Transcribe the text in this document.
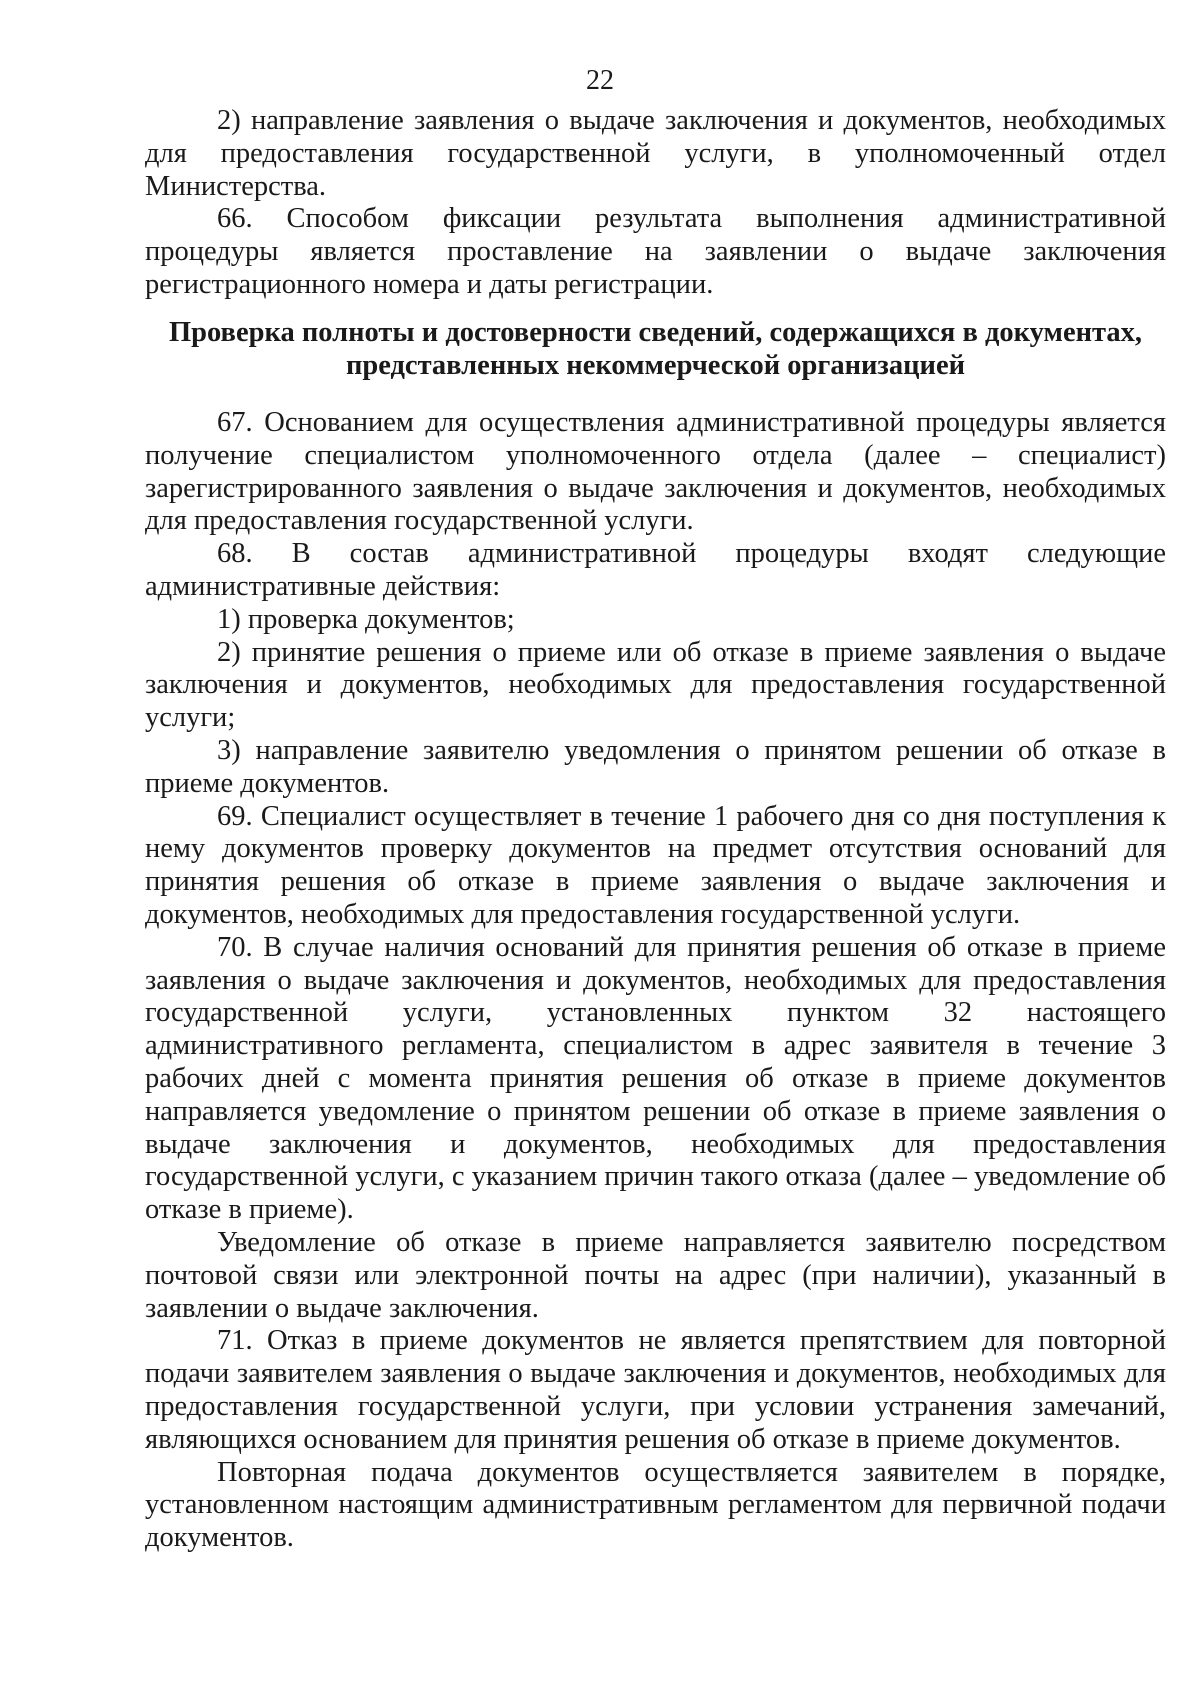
22

2) направление заявления о выдаче заключения и документов, необходимых для предоставления государственной услуги, в уполномоченный отдел Министерства.

66. Способом фиксации результата выполнения административной процедуры является проставление на заявлении о выдаче заключения регистрационного номера и даты регистрации.

Проверка полноты и достоверности сведений, содержащихся в документах,

представленных некоммерческой организацией

67. Основанием для осуществления административной процедуры является получение специалистом уполномоченного отдела (далее – специалист) зарегистрированного заявления о выдаче заключения и документов, необходимых для предоставления государственной услуги.

68. В состав административной процедуры входят следующие административные действия:

1) проверка документов;

2) принятие решения о приеме или об отказе в приеме заявления о выдаче заключения и документов, необходимых для предоставления государственной услуги;

3) направление заявителю уведомления о принятом решении об отказе в приеме документов.

69. Специалист осуществляет в течение 1 рабочего дня со дня поступления к нему документов проверку документов на предмет отсутствия оснований для принятия решения об отказе в приеме заявления о выдаче заключения и документов, необходимых для предоставления государственной услуги.

70. В случае наличия оснований для принятия решения об отказе в приеме заявления о выдаче заключения и документов, необходимых для предоставления государственной услуги, установленных пунктом 32 настоящего административного регламента, специалистом в адрес заявителя в течение 3 рабочих дней с момента принятия решения об отказе в приеме документов направляется уведомление о принятом решении об отказе в приеме заявления о выдаче заключения и документов, необходимых для предоставления государственной услуги, с указанием причин такого отказа (далее – уведомление об отказе в приеме).

Уведомление об отказе в приеме направляется заявителю посредством почтовой связи или электронной почты на адрес (при наличии), указанный в заявлении о выдаче заключения.

71. Отказ в приеме документов не является препятствием для повторной подачи заявителем заявления о выдаче заключения и документов, необходимых для предоставления государственной услуги, при условии устранения замечаний, являющихся основанием для принятия решения об отказе в приеме документов.

Повторная подача документов осуществляется заявителем в порядке, установленном настоящим административным регламентом для первичной подачи документов.
